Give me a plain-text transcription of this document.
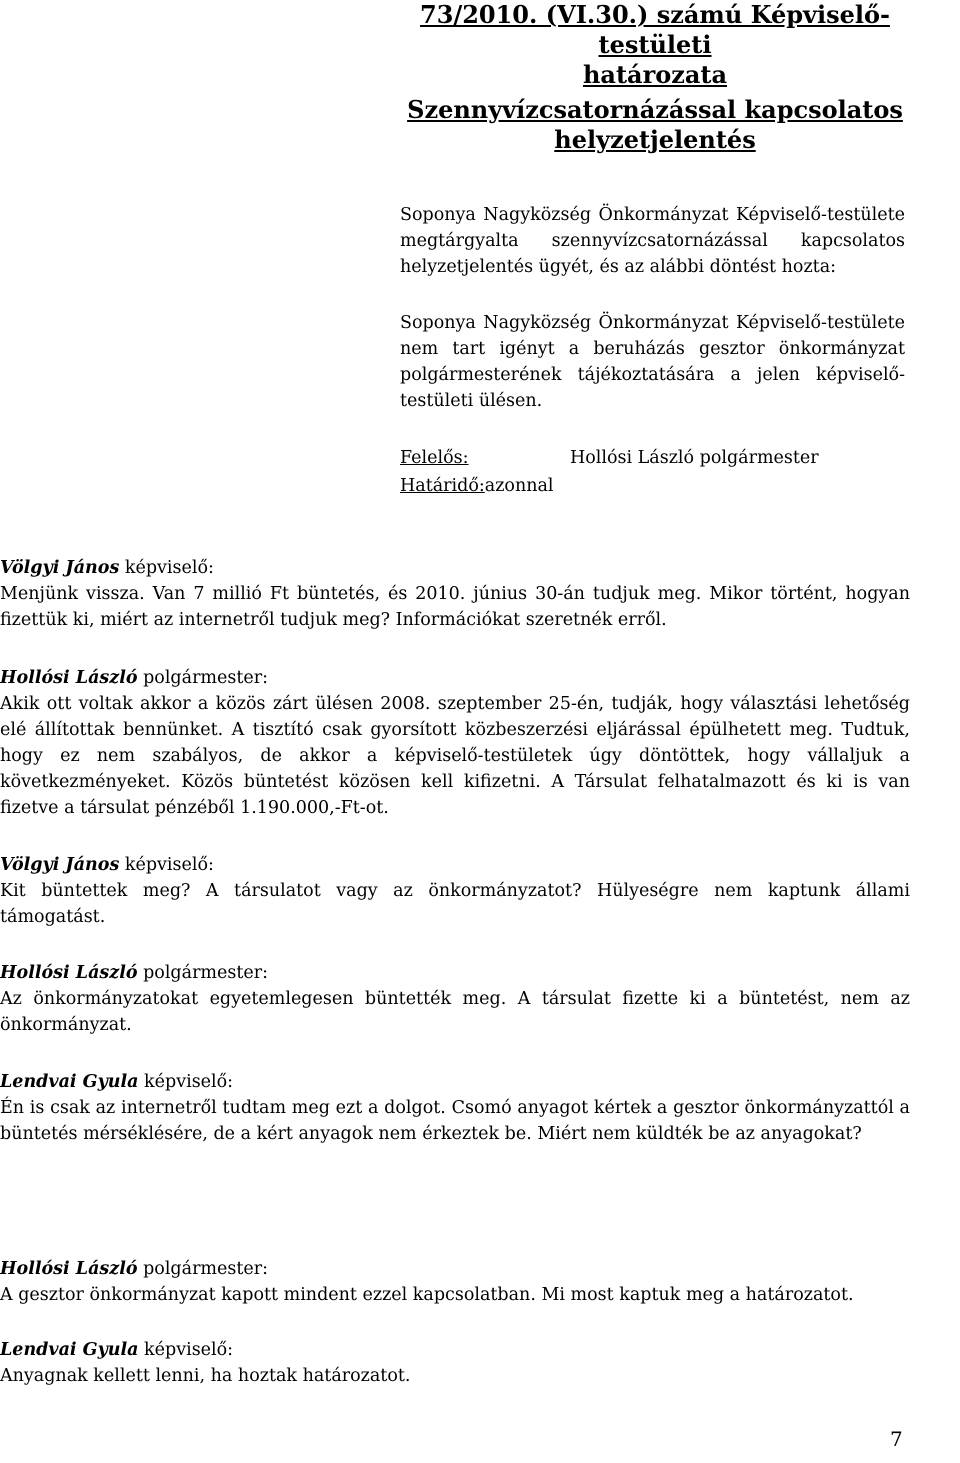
73/2010. (VI.30.) számú Képviselő-testületi
határozata
Szennyvízcsatornázással kapcsolatos
helyzetjelentés
Soponya Nagyközség Önkormányzat Képviselő-testülete megtárgyalta szennyvízcsatornázással kapcsolatos helyzetjelentés ügyét, és az alábbi döntést hozta:
Soponya Nagyközség Önkormányzat Képviselő-testülete nem tart igényt a beruházás gesztor önkormányzat polgármesterének tájékoztatására a jelen képviselő-testületi ülésen.
Felelős:	Hollósi László polgármester
Határidő:azonnal
Völgyi János képviselő:
Menjünk vissza. Van 7 millió Ft büntetés, és 2010. június 30-án tudjuk meg. Mikor történt, hogyan fizettük ki, miért az internetről tudjuk meg? Információkat szeretnék erről.
Hollósi László polgármester:
Akik ott voltak akkor a közös zárt ülésen 2008. szeptember 25-én, tudják, hogy választási lehetőség elé állítottak bennünket. A tisztító csak gyorsított közbeszerzési eljárással épülhetett meg. Tudtuk, hogy ez nem szabályos, de akkor a képviselő-testületek úgy döntöttek, hogy vállaljuk a következményeket. Közös büntetést közösen kell kifizetni. A Társulat felhatalmazott és ki is van fizetve a társulat pénzéből 1.190.000,-Ft-ot.
Völgyi János képviselő:
Kit büntettek meg? A társulatot vagy az önkormányzatot? Hülyeségre nem kaptunk állami támogatást.
Hollósi László polgármester:
Az önkormányzatokat egyetemlegesen büntették meg. A társulat fizette ki a büntetést, nem az önkormányzat.
Lendvai Gyula képviselő:
Én is csak az internetről tudtam meg ezt a dolgot. Csomó anyagot kértek a gesztor önkormányzattól a büntetés mérséklésére, de a kért anyagok nem érkeztek be. Miért nem küldték be az anyagokat?
Hollósi László polgármester:
A gesztor önkormányzat kapott mindent ezzel kapcsolatban. Mi most kaptuk meg a határozatot.
Lendvai Gyula képviselő:
Anyagnak kellett lenni, ha hoztak határozatot.
7
